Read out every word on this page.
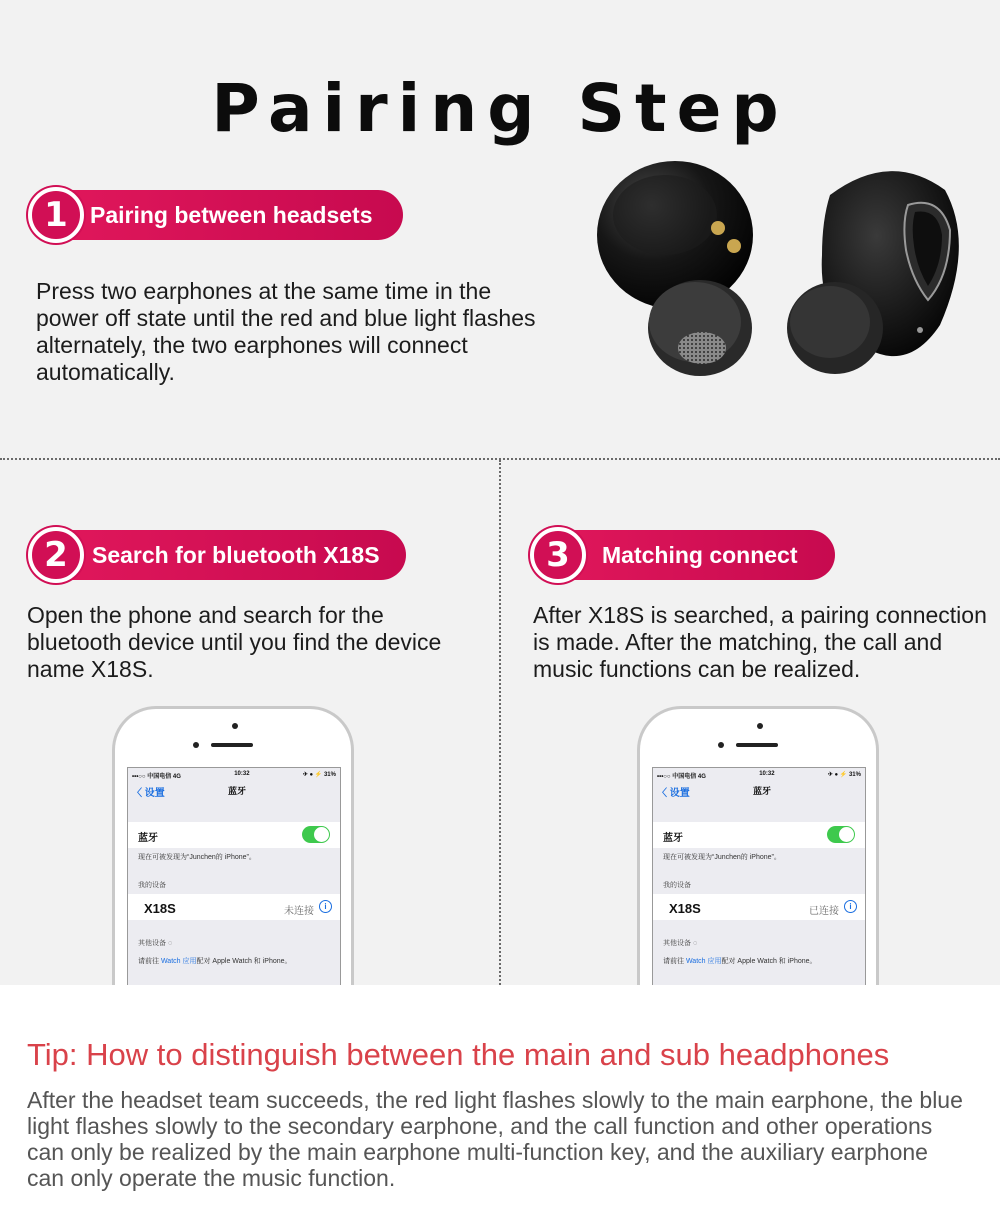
Pairing Step
1 Pairing between headsets
Press two earphones at the same time in the power off state until the red and blue light flashes alternately, the two earphones will connect automatically.
2	Search for bluetooth X18S
Open the phone and search for the bluetooth device until you find the device name X18S.
3	Matching connect
After X18S is searched, a pairing connection is made. After the matching, the call and music functions can be realized.
•••○○ 中国电信 4G	10:32	✈ ● ⚡ 31%
〈 设置	蓝牙
蓝牙
现在可被发现为“Junchen的 iPhone”。
我的设备
X18S	未连接	i
其他设备 ◌
请前往 Watch 应用配对 Apple Watch 和 iPhone。
•••○○ 中国电信 4G	10:32	✈ ● ⚡ 31%
〈 设置	蓝牙
蓝牙
现在可被发现为“Junchen的 iPhone”。
我的设备
X18S	已连接	i
其他设备 ◌
请前往 Watch 应用配对 Apple Watch 和 iPhone。
Tip: How to distinguish between the main and sub headphones
After the headset team succeeds, the red light flashes slowly to the main earphone, the blue light flashes slowly to the secondary earphone, and the call function and other operations can only be realized by the main earphone multi-function key, and the auxiliary earphone can only operate the music function.
